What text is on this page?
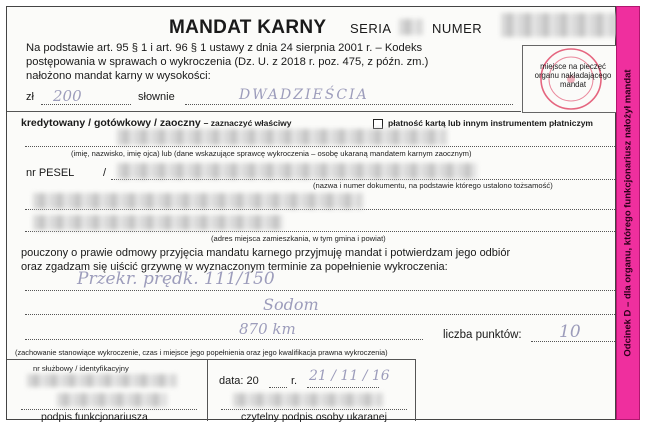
MANDAT KARNY SERIA	NUMER
Na podstawie art. 95 § 1 i art. 96 § 1 ustawy z dnia 24 sierpnia 2001 r. – Kodeks
postępowania w sprawach o wykroczenia (Dz. U. z 2018 r. poz. 475, z późn. zm.)
nałożono mandat karny w wysokości:
zł 200	słownie	DWADZIEŚCIA
miejsce na pieczęć organu nakładającego mandat
kredytowany / gotówkowy / zaoczny – zaznaczyć właściwy	płatność kartą lub innym instrumentem płatniczym
(imię, nazwisko, imię ojca) lub (dane wskazujące sprawcę wykroczenia – osobę ukaraną mandatem karnym zaocznym)
nr PESEL	/
(nazwa i numer dokumentu, na podstawie którego ustalono tożsamość)
(adres miejsca zamieszkania, w tym gmina i powiat)
pouczony o prawie odmowy przyjęcia mandatu karnego przyjmuję mandat i potwierdzam jego odbiór
oraz zgadzam się uiścić grzywnę w wyznaczonym terminie za popełnienie wykroczenia:
Przekr. prędk. 111/150
Sodom
870 km	liczba punktów: 10
(zachowanie stanowiące wykroczenie, czas i miejsce jego popełnienia oraz jego kwalifikacja prawna wykroczenia)
nr służbowy / identyfikacyjny
podpis funkcjonariusza
data: 20	r. 21 / 11 / 16
czytelny podpis osoby ukaranej
Odcinek D – dla organu, którego funkcjonariusz nałożył mandat
